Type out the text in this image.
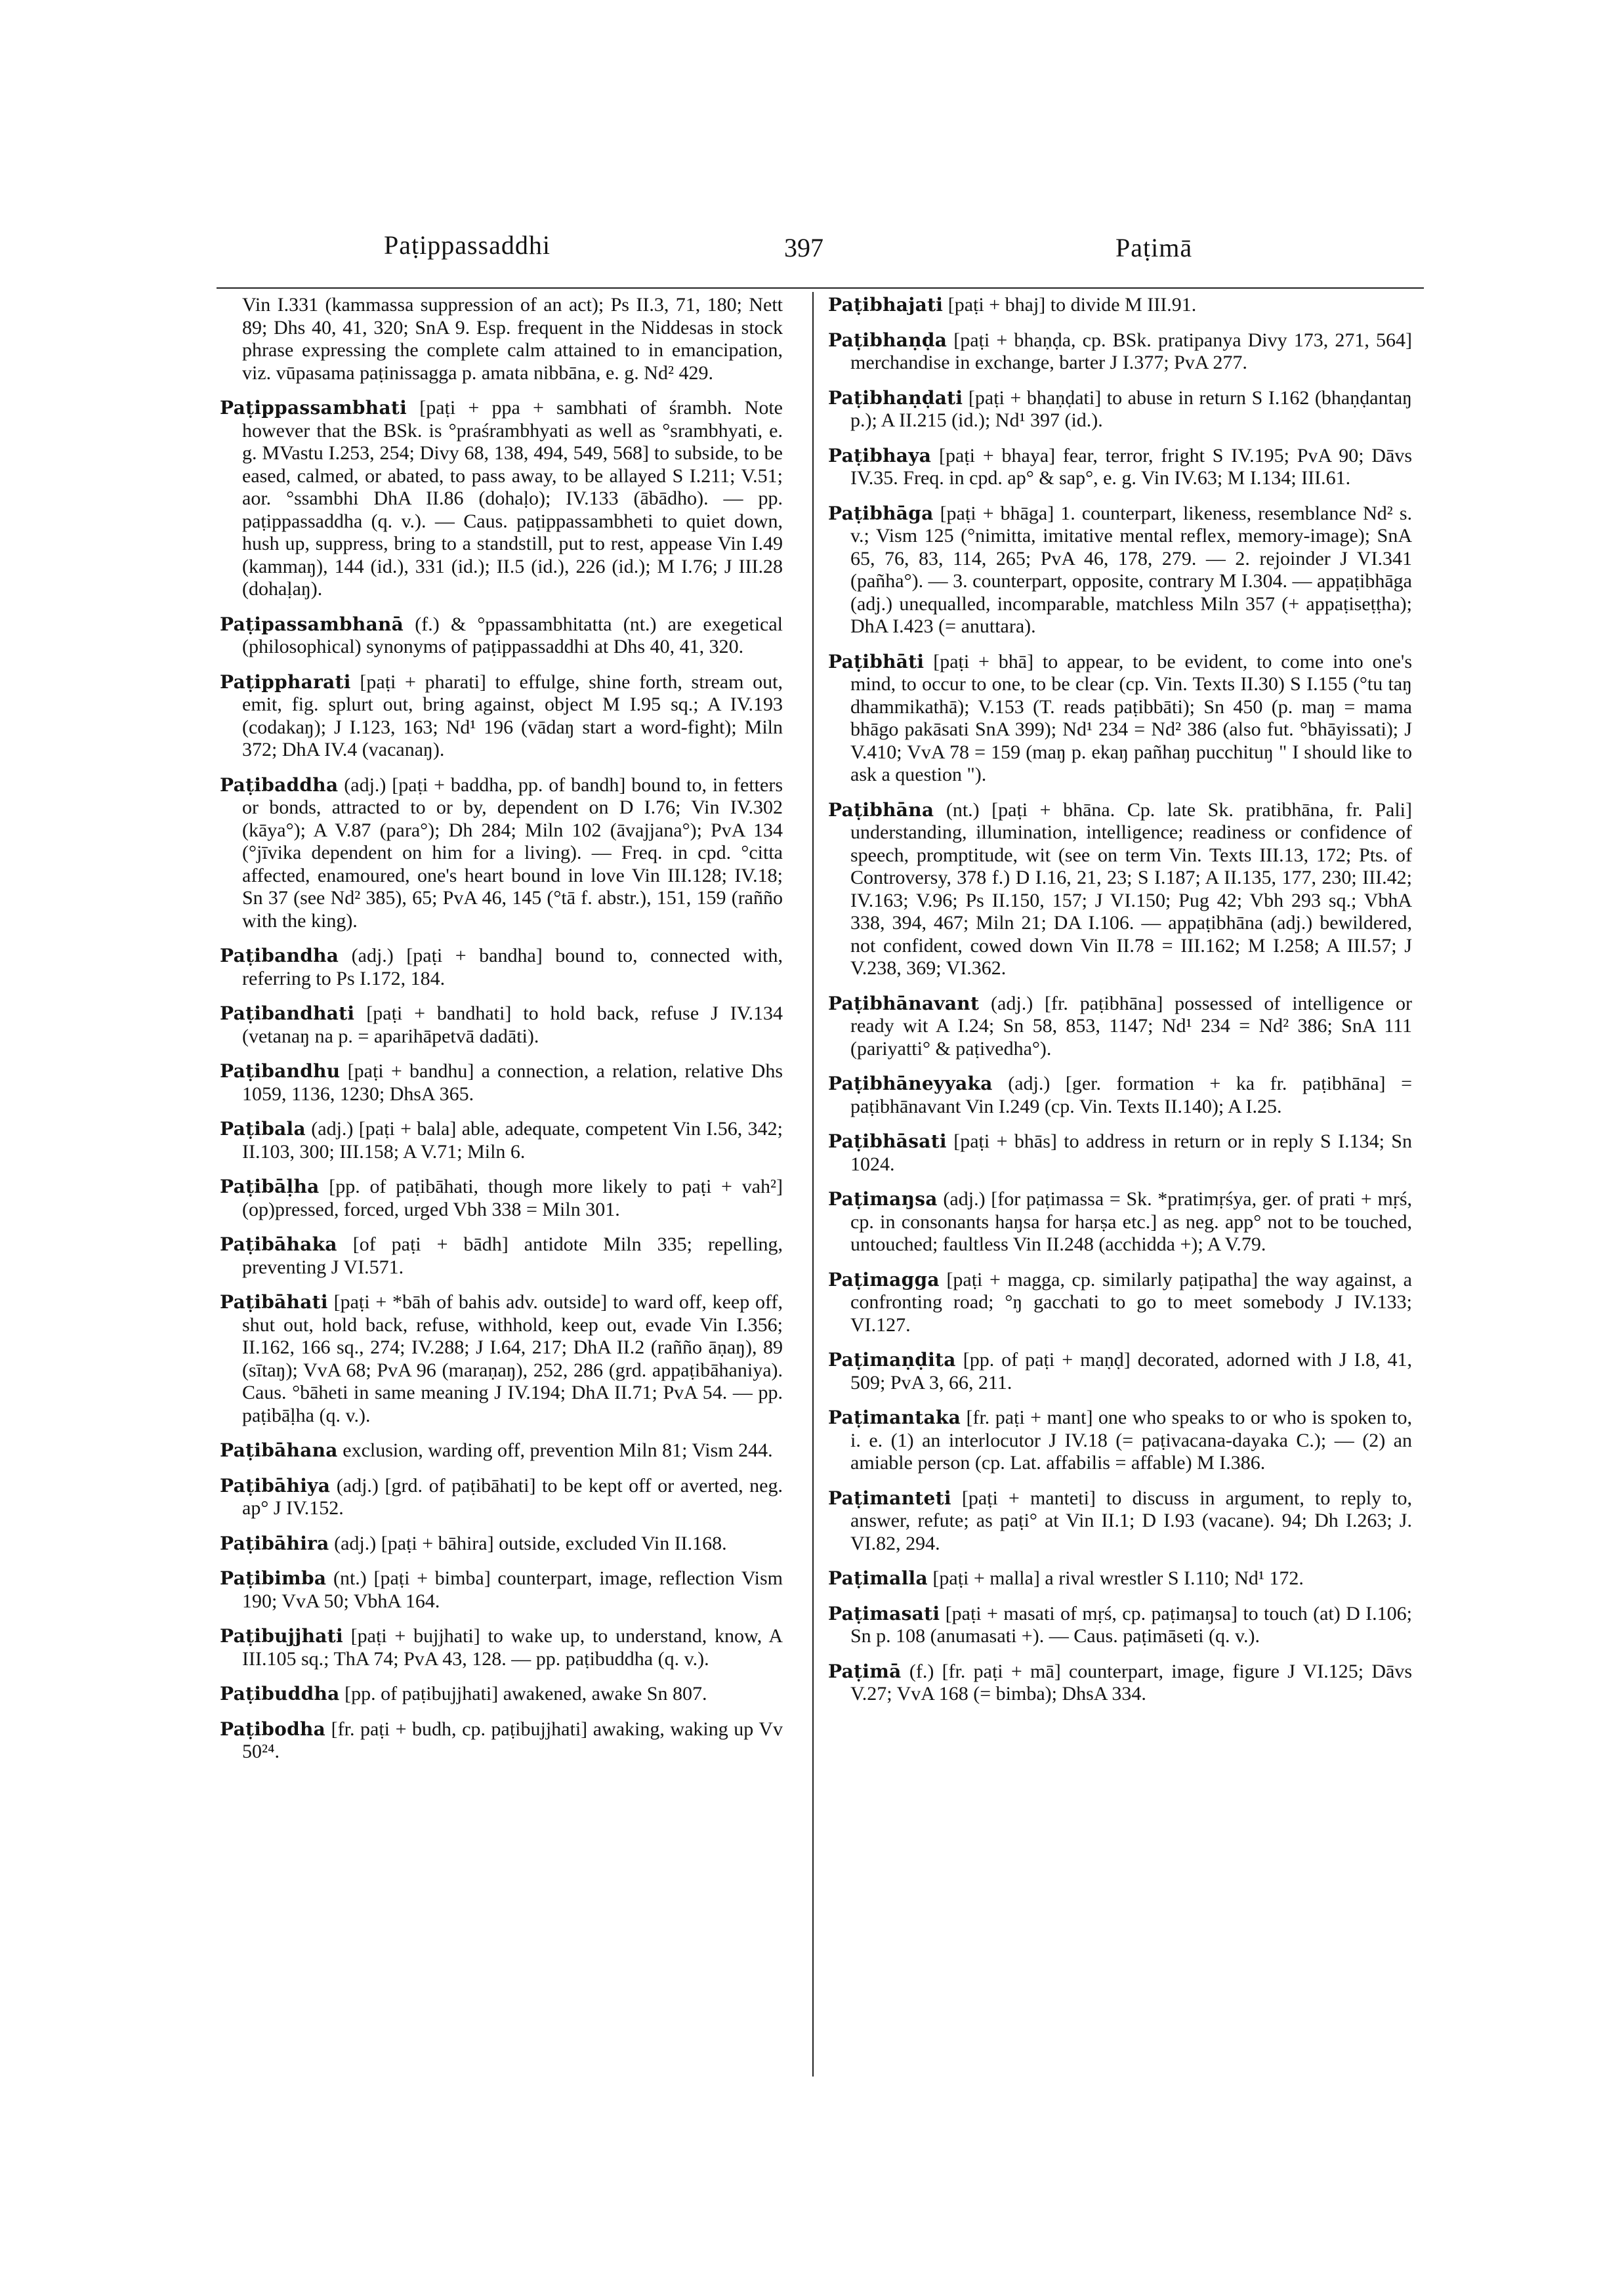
Paṭippassaddhi	397	Paṭimā

Vin I.331 (kammassa suppression of an act); Ps II.3, 71, 180; Nett 89; Dhs 40, 41, 320; SnA 9. Esp. frequent in the Niddesas in stock phrase expressing the complete calm attained to in emancipation, viz. vūpasama paṭinissagga p. amata nibbāna, e. g. Nd² 429.

Paṭippassambhati [paṭi + ppa + sambhati of śrambh. Note however that the BSk. is °praśrambhyati as well as °srambhyati, e. g. MVastu I.253, 254; Divy 68, 138, 494, 549, 568] to subside, to be eased, calmed, or abated, to pass away, to be allayed S I.211; V.51; aor. °ssambhi DhA II.86 (dohaḷo); IV.133 (ābādho). — pp. paṭippassaddha (q. v.). — Caus. paṭippassambheti to quiet down, hush up, suppress, bring to a standstill, put to rest, appease Vin I.49 (kammaŋ), 144 (id.), 331 (id.); II.5 (id.), 226 (id.); M I.76; J III.28 (dohaḷaŋ).

Paṭipassambhanā (f.) & °ppassambhitatta (nt.) are exegetical (philosophical) synonyms of paṭippassaddhi at Dhs 40, 41, 320.

Paṭippharati [paṭi + pharati] to effulge, shine forth, stream out, emit, fig. splurt out, bring against, object M I.95 sq.; A IV.193 (codakaŋ); J I.123, 163; Nd¹ 196 (vādaŋ start a word-fight); Miln 372; DhA IV.4 (vacanaŋ).

Paṭibaddha (adj.) [paṭi + baddha, pp. of bandh] bound to, in fetters or bonds, attracted to or by, dependent on D I.76; Vin IV.302 (kāya°); A V.87 (para°); Dh 284; Miln 102 (āvajjana°); PvA 134 (°jīvika dependent on him for a living). — Freq. in cpd. °citta affected, enamoured, one's heart bound in love Vin III.128; IV.18; Sn 37 (see Nd² 385), 65; PvA 46, 145 (°tā f. abstr.), 151, 159 (rañño with the king).

Paṭibandha (adj.) [paṭi + bandha] bound to, connected with, referring to Ps I.172, 184.

Paṭibandhati [paṭi + bandhati] to hold back, refuse J IV.134 (vetanaŋ na p. = aparihāpetvā dadāti).

Paṭibandhu [paṭi + bandhu] a connection, a relation, relative Dhs 1059, 1136, 1230; DhsA 365.

Paṭibala (adj.) [paṭi + bala] able, adequate, competent Vin I.56, 342; II.103, 300; III.158; A V.71; Miln 6.

Paṭibāḷha [pp. of paṭibāhati, though more likely to paṭi + vah²] (op)pressed, forced, urged Vbh 338 = Miln 301.

Paṭibāhaka [of paṭi + bādh] antidote Miln 335; repelling, preventing J VI.571.

Paṭibāhati [paṭi + *bāh of bahis adv. outside] to ward off, keep off, shut out, hold back, refuse, withhold, keep out, evade Vin I.356; II.162, 166 sq., 274; IV.288; J I.64, 217; DhA II.2 (rañño āṇaŋ), 89 (sītaŋ); VvA 68; PvA 96 (maraṇaŋ), 252, 286 (grd. appaṭibāhaniya). Caus. °bāheti in same meaning J IV.194; DhA II.71; PvA 54. — pp. paṭibāḷha (q. v.).

Paṭibāhana exclusion, warding off, prevention Miln 81; Vism 244.

Paṭibāhiya (adj.) [grd. of paṭibāhati] to be kept off or averted, neg. ap° J IV.152.

Paṭibāhira (adj.) [paṭi + bāhira] outside, excluded Vin II.168.

Paṭibimba (nt.) [paṭi + bimba] counterpart, image, reflection Vism 190; VvA 50; VbhA 164.

Paṭibujjhati [paṭi + bujjhati] to wake up, to understand, know, A III.105 sq.; ThA 74; PvA 43, 128. — pp. paṭibuddha (q. v.).

Paṭibuddha [pp. of paṭibujjhati] awakened, awake Sn 807.

Paṭibodha [fr. paṭi + budh, cp. paṭibujjhati] awaking, waking up Vv 50²⁴.

Paṭibhajati [paṭi + bhaj] to divide M III.91.

Paṭibhaṇḍa [paṭi + bhaṇḍa, cp. BSk. pratipanya Divy 173, 271, 564] merchandise in exchange, barter J I.377; PvA 277.

Paṭibhaṇḍati [paṭi + bhaṇḍati] to abuse in return S I.162 (bhaṇḍantaŋ p.); A II.215 (id.); Nd¹ 397 (id.).

Paṭibhaya [paṭi + bhaya] fear, terror, fright S IV.195; PvA 90; Dāvs IV.35. Freq. in cpd. ap° & sap°, e. g. Vin IV.63; M I.134; III.61.

Paṭibhāga [paṭi + bhāga] 1. counterpart, likeness, resemblance Nd² s. v.; Vism 125 (°nimitta, imitative mental reflex, memory-image); SnA 65, 76, 83, 114, 265; PvA 46, 178, 279. — 2. rejoinder J VI.341 (pañha°). — 3. counterpart, opposite, contrary M I.304. — appaṭibhāga (adj.) unequalled, incomparable, matchless Miln 357 (+ appaṭiseṭṭha); DhA I.423 (= anuttara).

Paṭibhāti [paṭi + bhā] to appear, to be evident, to come into one's mind, to occur to one, to be clear (cp. Vin. Texts II.30) S I.155 (°tu taŋ dhammikathā); V.153 (T. reads paṭibbāti); Sn 450 (p. maŋ = mama bhāgo pakāsati SnA 399); Nd¹ 234 = Nd² 386 (also fut. °bhāyissati); J V.410; VvA 78 = 159 (maŋ p. ekaŋ pañhaŋ pucchituŋ " I should like to ask a question ").

Paṭibhāna (nt.) [paṭi + bhāna. Cp. late Sk. pratibhāna, fr. Pali] understanding, illumination, intelligence; readiness or confidence of speech, promptitude, wit (see on term Vin. Texts III.13, 172; Pts. of Controversy, 378 f.) D I.16, 21, 23; S I.187; A II.135, 177, 230; III.42; IV.163; V.96; Ps II.150, 157; J VI.150; Pug 42; Vbh 293 sq.; VbhA 338, 394, 467; Miln 21; DA I.106. — appaṭibhāna (adj.) bewildered, not confident, cowed down Vin II.78 = III.162; M I.258; A III.57; J V.238, 369; VI.362.

Paṭibhānavant (adj.) [fr. paṭibhāna] possessed of intelligence or ready wit A I.24; Sn 58, 853, 1147; Nd¹ 234 = Nd² 386; SnA 111 (pariyatti° & paṭivedha°).

Paṭibhāneyyaka (adj.) [ger. formation + ka fr. paṭibhāna] = paṭibhānavant Vin I.249 (cp. Vin. Texts II.140); A I.25.

Paṭibhāsati [paṭi + bhās] to address in return or in reply S I.134; Sn 1024.

Paṭimaŋsa (adj.) [for paṭimassa = Sk. *pratimṛśya, ger. of prati + mṛś, cp. in consonants haŋsa for harṣa etc.] as neg. app° not to be touched, untouched; faultless Vin II.248 (acchidda +); A V.79.

Paṭimagga [paṭi + magga, cp. similarly paṭipatha] the way against, a confronting road; °ŋ gacchati to go to meet somebody J IV.133; VI.127.

Paṭimaṇḍita [pp. of paṭi + maṇḍ] decorated, adorned with J I.8, 41, 509; PvA 3, 66, 211.

Paṭimantaka [fr. paṭi + mant] one who speaks to or who is spoken to, i. e. (1) an interlocutor J IV.18 (= paṭivacana-dayaka C.); — (2) an amiable person (cp. Lat. affabilis = affable) M I.386.

Paṭimanteti [paṭi + manteti] to discuss in argument, to reply to, answer, refute; as paṭi° at Vin II.1; D I.93 (vacane). 94; Dh I.263; J. VI.82, 294.

Paṭimalla [paṭi + malla] a rival wrestler S I.110; Nd¹ 172.

Paṭimasati [paṭi + masati of mṛś, cp. paṭimaŋsa] to touch (at) D I.106; Sn p. 108 (anumasati +). — Caus. paṭimāseti (q. v.).

Paṭimā (f.) [fr. paṭi + mā] counterpart, image, figure J VI.125; Dāvs V.27; VvA 168 (= bimba); DhsA 334.
